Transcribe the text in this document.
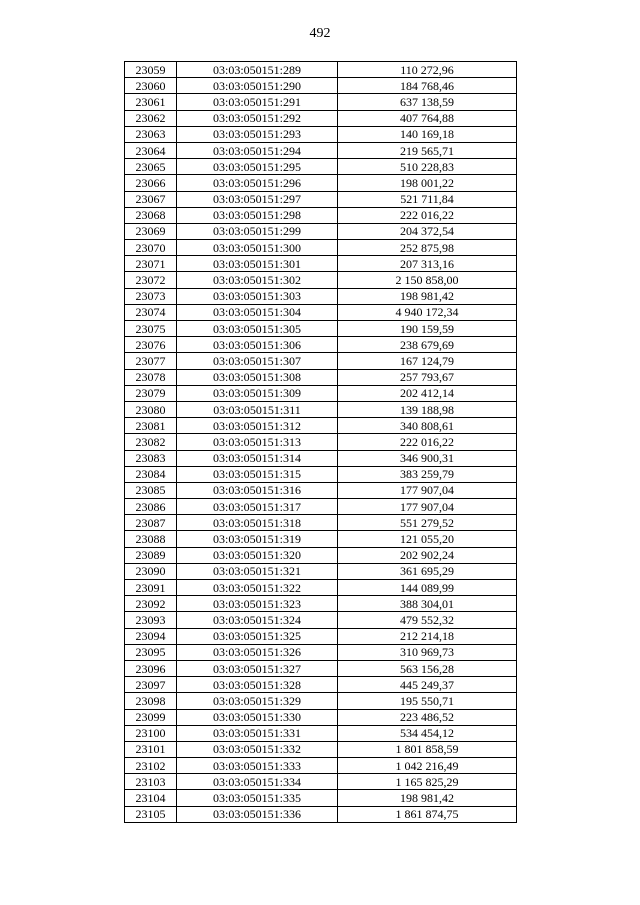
492
23059	03:03:050151:289	110 272,96
23060	03:03:050151:290	184 768,46
23061	03:03:050151:291	637 138,59
23062	03:03:050151:292	407 764,88
23063	03:03:050151:293	140 169,18
23064	03:03:050151:294	219 565,71
23065	03:03:050151:295	510 228,83
23066	03:03:050151:296	198 001,22
23067	03:03:050151:297	521 711,84
23068	03:03:050151:298	222 016,22
23069	03:03:050151:299	204 372,54
23070	03:03:050151:300	252 875,98
23071	03:03:050151:301	207 313,16
23072	03:03:050151:302	2 150 858,00
23073	03:03:050151:303	198 981,42
23074	03:03:050151:304	4 940 172,34
23075	03:03:050151:305	190 159,59
23076	03:03:050151:306	238 679,69
23077	03:03:050151:307	167 124,79
23078	03:03:050151:308	257 793,67
23079	03:03:050151:309	202 412,14
23080	03:03:050151:311	139 188,98
23081	03:03:050151:312	340 808,61
23082	03:03:050151:313	222 016,22
23083	03:03:050151:314	346 900,31
23084	03:03:050151:315	383 259,79
23085	03:03:050151:316	177 907,04
23086	03:03:050151:317	177 907,04
23087	03:03:050151:318	551 279,52
23088	03:03:050151:319	121 055,20
23089	03:03:050151:320	202 902,24
23090	03:03:050151:321	361 695,29
23091	03:03:050151:322	144 089,99
23092	03:03:050151:323	388 304,01
23093	03:03:050151:324	479 552,32
23094	03:03:050151:325	212 214,18
23095	03:03:050151:326	310 969,73
23096	03:03:050151:327	563 156,28
23097	03:03:050151:328	445 249,37
23098	03:03:050151:329	195 550,71
23099	03:03:050151:330	223 486,52
23100	03:03:050151:331	534 454,12
23101	03:03:050151:332	1 801 858,59
23102	03:03:050151:333	1 042 216,49
23103	03:03:050151:334	1 165 825,29
23104	03:03:050151:335	198 981,42
23105	03:03:050151:336	1 861 874,75
